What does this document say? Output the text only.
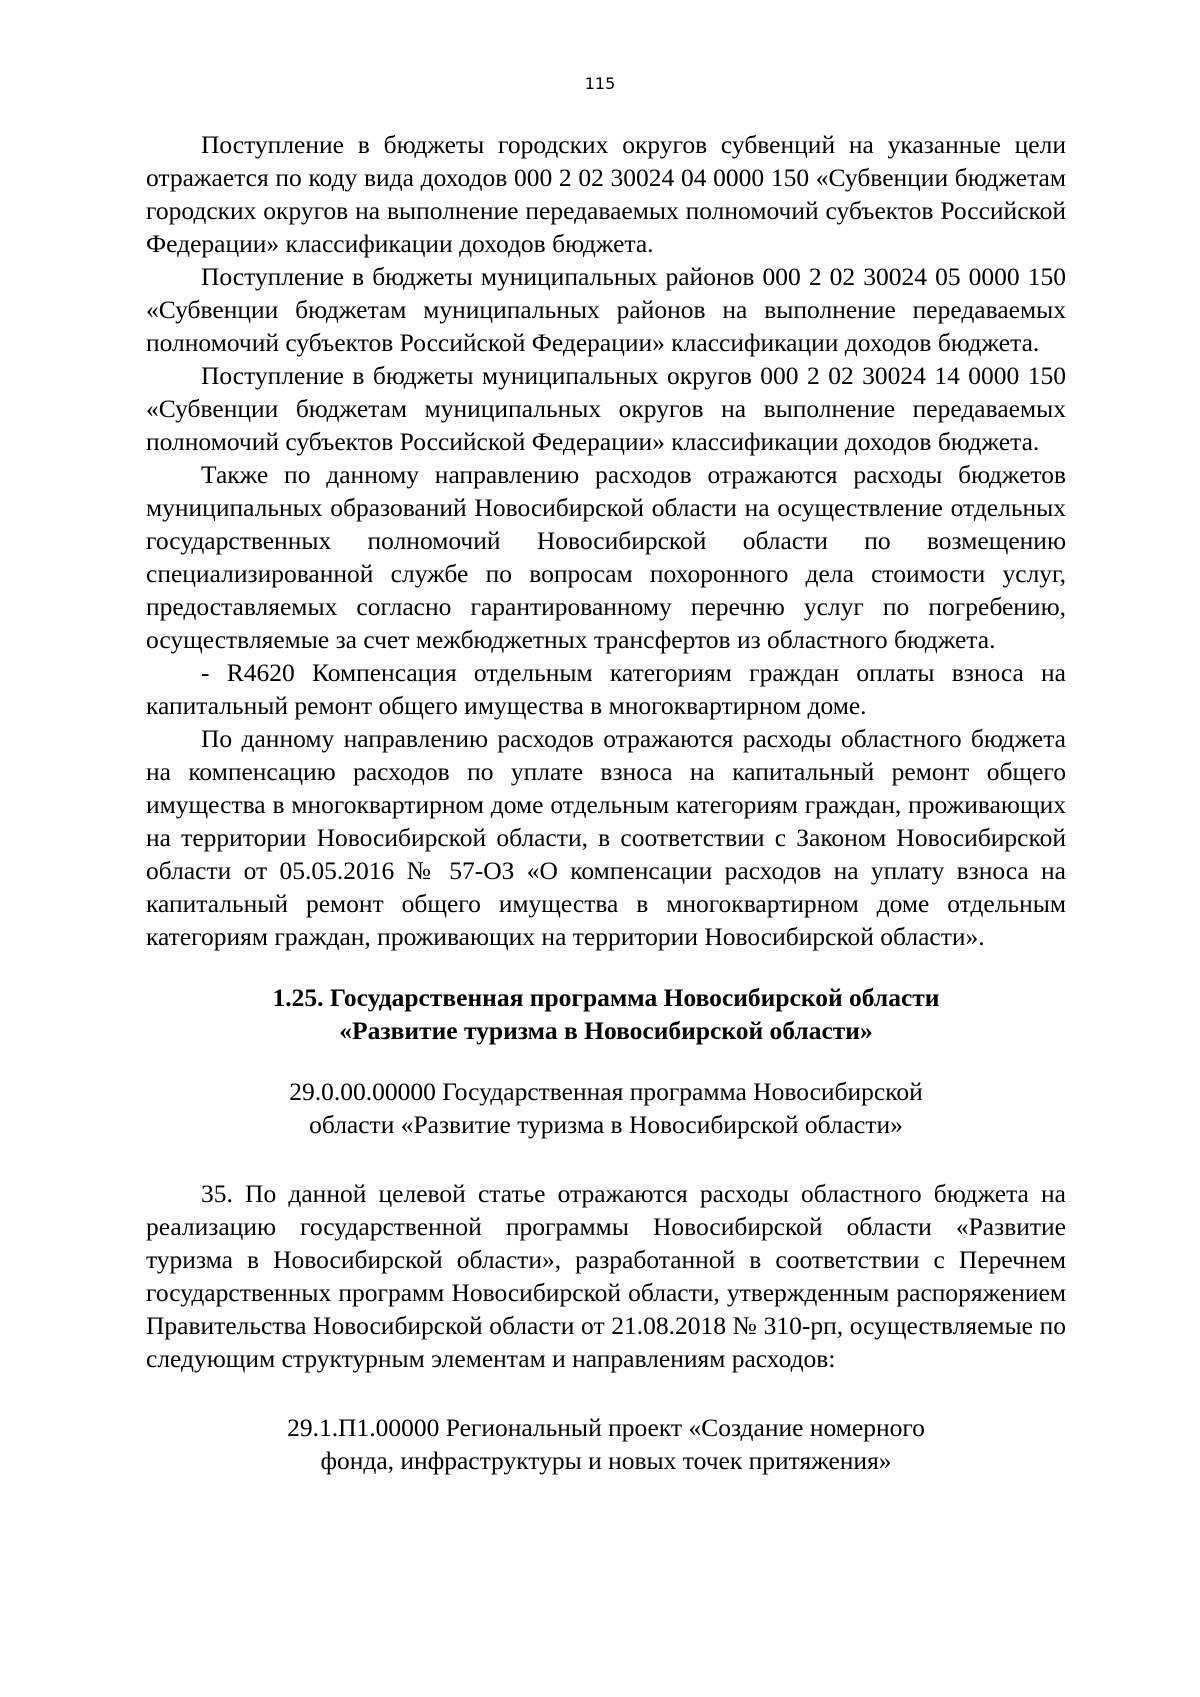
115

Поступление в бюджеты городских округов субвенций на указанные цели отражается по коду вида доходов 000 2 02 30024 04 0000 150 «Субвенции бюджетам городских округов на выполнение передаваемых полномочий субъектов Российской Федерации» классификации доходов бюджета.

Поступление в бюджеты муниципальных районов 000 2 02 30024 05 0000 150 «Субвенции бюджетам муниципальных районов на выполнение передаваемых полномочий субъектов Российской Федерации» классификации доходов бюджета.

Поступление в бюджеты муниципальных округов 000 2 02 30024 14 0000 150 «Субвенции бюджетам муниципальных округов на выполнение передаваемых полномочий субъектов Российской Федерации» классификации доходов бюджета.

Также по данному направлению расходов отражаются расходы бюджетов муниципальных образований Новосибирской области на осуществление отдельных государственных полномочий Новосибирской области по возмещению специализированной службе по вопросам похоронного дела стоимости услуг, предоставляемых согласно гарантированному перечню услуг по погребению, осуществляемые за счет межбюджетных трансфертов из областного бюджета.

- R4620 Компенсация отдельным категориям граждан оплаты взноса на капитальный ремонт общего имущества в многоквартирном доме.

По данному направлению расходов отражаются расходы областного бюджета на компенсацию расходов по уплате взноса на капитальный ремонт общего имущества в многоквартирном доме отдельным категориям граждан, проживающих на территории Новосибирской области, в соответствии с Законом Новосибирской области от 05.05.2016 № 57-ОЗ «О компенсации расходов на уплату взноса на капитальный ремонт общего имущества в многоквартирном доме отдельным категориям граждан, проживающих на территории Новосибирской области».

1.25. Государственная программа Новосибирской области
«Развитие туризма в Новосибирской области»
29.0.00.00000 Государственная программа Новосибирской
области «Развитие туризма в Новосибирской области»

35. По данной целевой статье отражаются расходы областного бюджета на реализацию государственной программы Новосибирской области «Развитие туризма в Новосибирской области», разработанной в соответствии с Перечнем государственных программ Новосибирской области, утвержденным распоряжением Правительства Новосибирской области от 21.08.2018 № 310-рп, осуществляемые по следующим структурным элементам и направлениям расходов:

29.1.П1.00000 Региональный проект «Создание номерного
фонда, инфраструктуры и новых точек притяжения»
